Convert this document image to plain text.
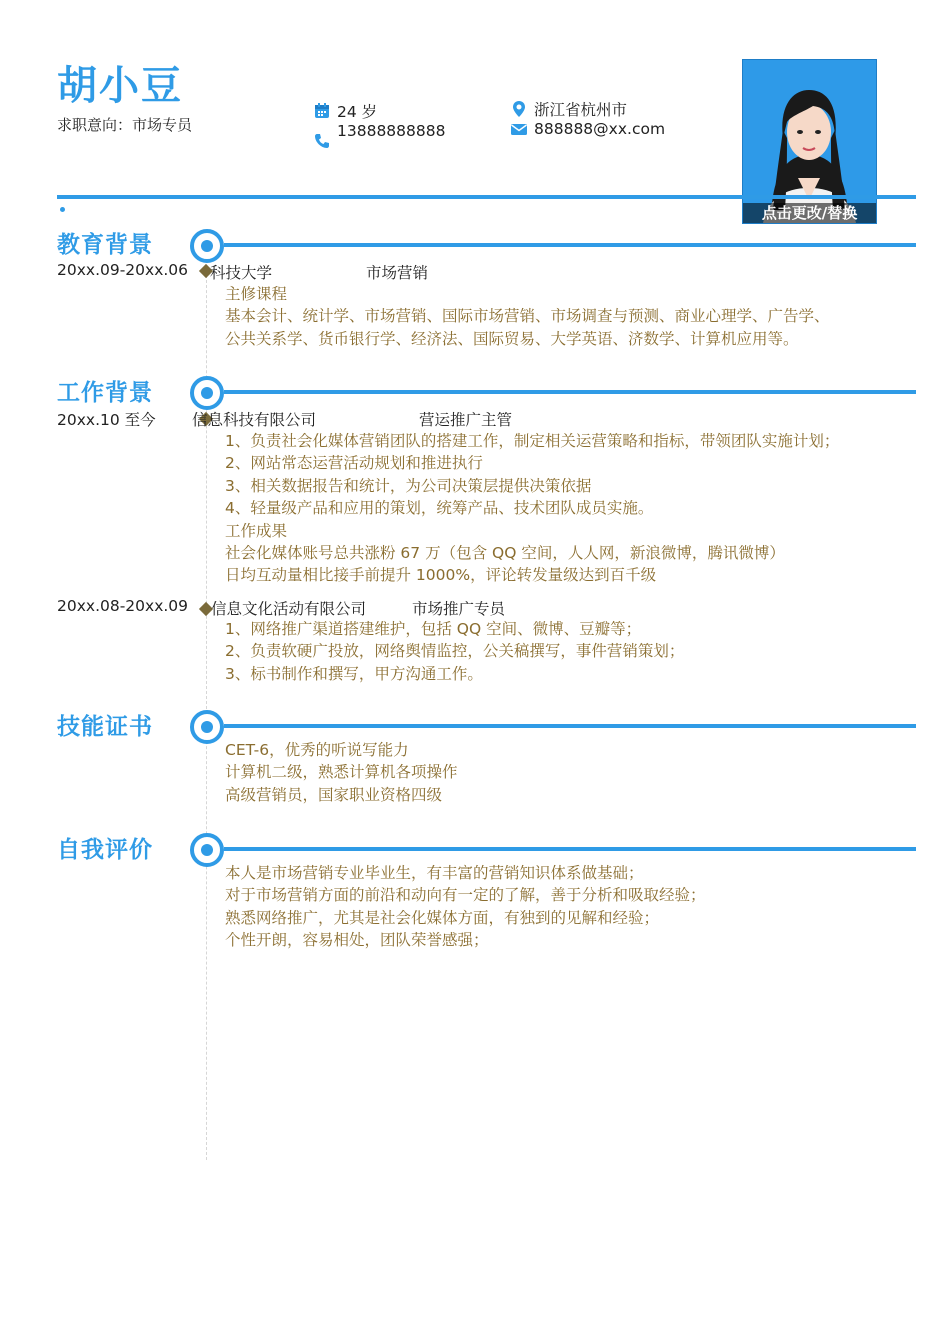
胡小豆
求职意向：市场专员
24 岁
13888888888
浙江省杭州市
888888@xx.com
点击更改/替换
教育背景
20xx.09-20xx.06 科技大学	市场营销
主修课程
基本会计、统计学、市场营销、国际市场营销、市场调查与预测、商业心理学、广告学、
公共关系学、货币银行学、经济法、国际贸易、大学英语、济数学、计算机应用等。
工作背景
20xx.10 至今 信息科技有限公司	营运推广主管
1、负责社会化媒体营销团队的搭建工作，制定相关运营策略和指标，带领团队实施计划；
2、网站常态运营活动规划和推进执行
3、相关数据报告和统计，为公司决策层提供决策依据
4、轻量级产品和应用的策划，统筹产品、技术团队成员实施。
工作成果
社会化媒体账号总共涨粉 67 万（包含 QQ 空间，人人网，新浪微博，腾讯微博）
日均互动量相比接手前提升 1000%，评论转发量级达到百千级
20xx.08-20xx.09 信息文化活动有限公司	市场推广专员
1、网络推广渠道搭建维护，包括 QQ 空间、微博、豆瓣等；
2、负责软硬广投放，网络舆情监控，公关稿撰写，事件营销策划；
3、标书制作和撰写，甲方沟通工作。
技能证书
CET-6，优秀的听说写能力
计算机二级，熟悉计算机各项操作
高级营销员，国家职业资格四级
自我评价
本人是市场营销专业毕业生，有丰富的营销知识体系做基础；
对于市场营销方面的前沿和动向有一定的了解，善于分析和吸取经验；
熟悉网络推广，尤其是社会化媒体方面，有独到的见解和经验；
个性开朗，容易相处，团队荣誉感强；
